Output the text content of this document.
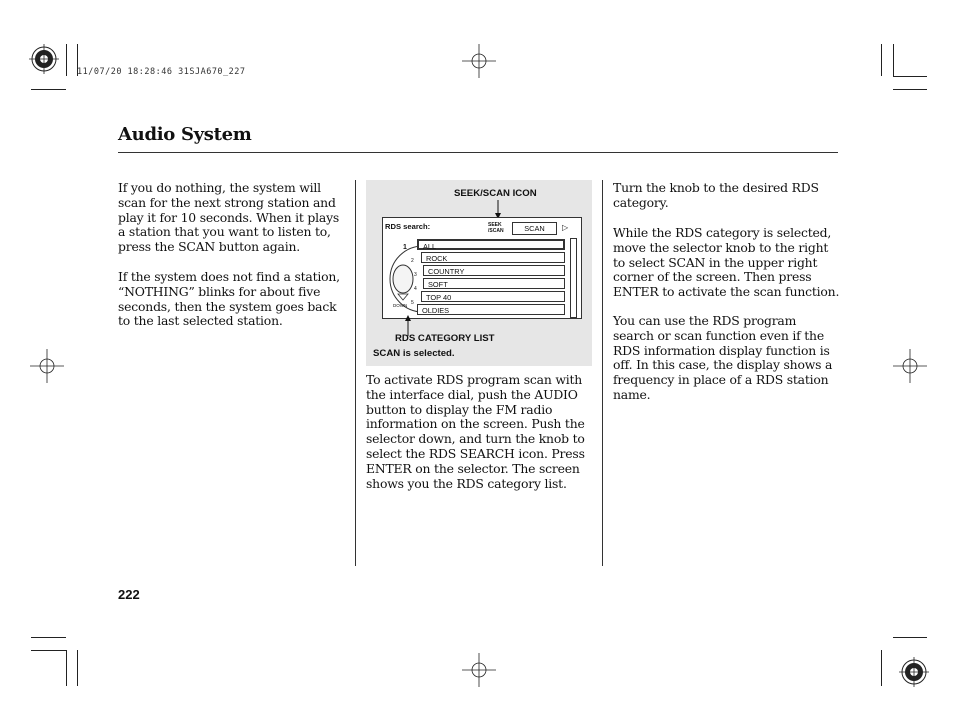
11/07/20 18:28:46 31SJA670_227
Audio System

If you do nothing, the system will scan for the next strong station and play it for 10 seconds. When it plays a station that you want to listen to, press the SCAN button again.

If the system does not find a station, “NOTHING” blinks for about five seconds, then the system goes back to the last selected station.

SEEK/SCAN ICON
RDS search:	SEEK
/SCAN	SCAN	▷
DOWN
1
2
3
4
5
ALL
ROCK
COUNTRY
SOFT
TOP 40
OLDIES
RDS CATEGORY LIST
SCAN is selected.

To activate RDS program scan with the interface dial, push the AUDIO button to display the FM radio information on the screen. Push the selector down, and turn the knob to select the RDS SEARCH icon. Press ENTER on the selector. The screen shows you the RDS category list.

Turn the knob to the desired RDS category.

While the RDS category is selected, move the selector knob to the right to select SCAN in the upper right corner of the screen. Then press ENTER to activate the scan function.

You can use the RDS program search or scan function even if the RDS information display function is off. In this case, the display shows a frequency in place of a RDS station name.

222
